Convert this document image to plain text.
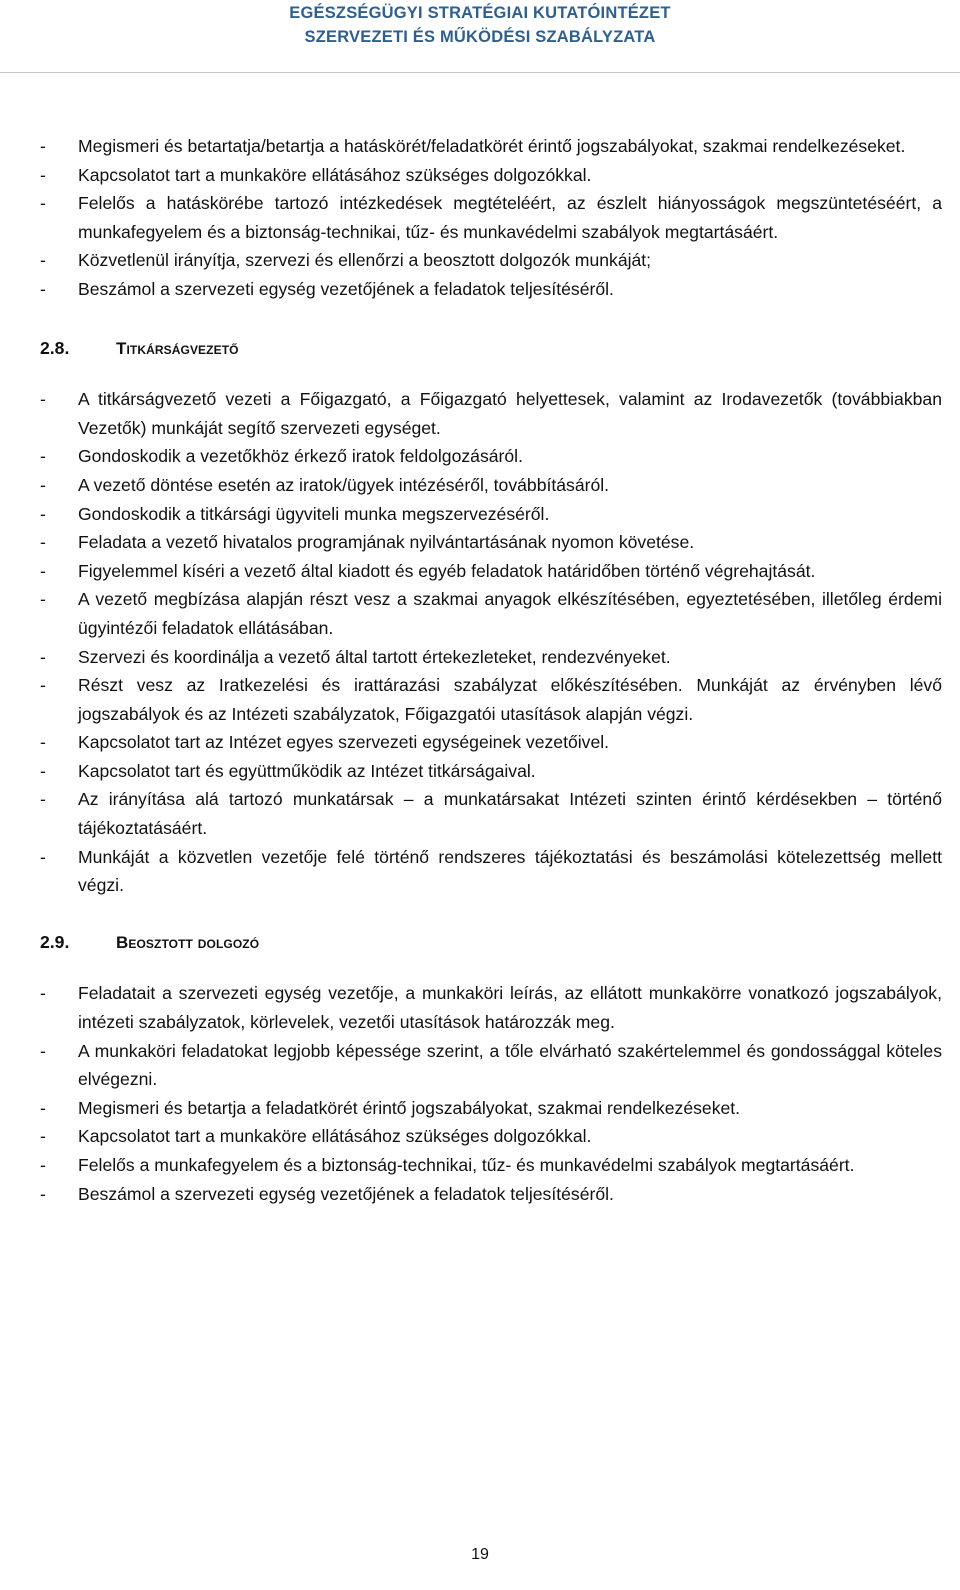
EGÉSZSÉGÜGYI STRATÉGIAI KUTATÓINTÉZET
SZERVEZETI ÉS MŰKÖDÉSI SZABÁLYZATA
- Megismeri és betartatja/betartja a hatáskörét/feladatkörét érintő jogszabályokat, szakmai rendelkezéseket.
- Kapcsolatot tart a munkaköre ellátásához szükséges dolgozókkal.
- Felelős a hatáskörébe tartozó intézkedések megtételéért, az észlelt hiányosságok megszüntetéséért, a munkafegyelem és a biztonság-technikai, tűz- és munkavédelmi szabályok megtartásáért.
- Közvetlenül irányítja, szervezi és ellenőrzi a beosztott dolgozók munkáját;
- Beszámol a szervezeti egység vezetőjének a feladatok teljesítéséről.
2.8.	Titkárságvezető
- A titkárságvezető vezeti a Főigazgató, a Főigazgató helyettesek, valamint az Irodavezetők (továbbiakban Vezetők) munkáját segítő szervezeti egységet.
- Gondoskodik a vezetőkhöz érkező iratok feldolgozásáról.
- A vezető döntése esetén az iratok/ügyek intézéséről, továbbításáról.
- Gondoskodik a titkársági ügyviteli munka megszervezéséről.
- Feladata a vezető hivatalos programjának nyilvántartásának nyomon követése.
- Figyelemmel kíséri a vezető által kiadott és egyéb feladatok határidőben történő végrehajtását.
- A vezető megbízása alapján részt vesz a szakmai anyagok elkészítésében, egyeztetésében, illetőleg érdemi ügyintézői feladatok ellátásában.
- Szervezi és koordinálja a vezető által tartott értekezleteket, rendezvényeket.
- Részt vesz az Iratkezelési és irattárazási szabályzat előkészítésében. Munkáját az érvényben lévő jogszabályok és az Intézeti szabályzatok, Főigazgatói utasítások alapján végzi.
- Kapcsolatot tart az Intézet egyes szervezeti egységeinek vezetőivel.
- Kapcsolatot tart és együttműködik az Intézet titkárságaival.
- Az irányítása alá tartozó munkatársak – a munkatársakat Intézeti szinten érintő kérdésekben – történő tájékoztatásáért.
- Munkáját a közvetlen vezetője felé történő rendszeres tájékoztatási és beszámolási kötelezettség mellett végzi.
2.9.	Beosztott dolgozó
- Feladatait a szervezeti egység vezetője, a munkaköri leírás, az ellátott munkakörre vonatkozó jogszabályok, intézeti szabályzatok, körlevelek, vezetői utasítások határozzák meg.
- A munkaköri feladatokat legjobb képessége szerint, a tőle elvárható szakértelemmel és gondossággal köteles elvégezni.
- Megismeri és betartja a feladatkörét érintő jogszabályokat, szakmai rendelkezéseket.
- Kapcsolatot tart a munkaköre ellátásához szükséges dolgozókkal.
- Felelős a munkafegyelem és a biztonság-technikai, tűz- és munkavédelmi szabályok megtartásáért.
- Beszámol a szervezeti egység vezetőjének a feladatok teljesítéséről.
19
